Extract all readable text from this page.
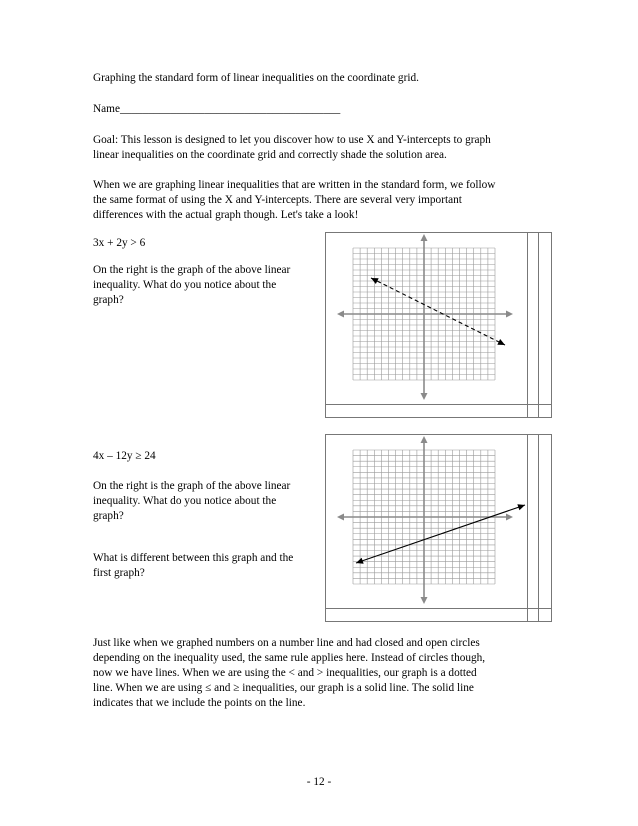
Graphing the standard form of linear inequalities on the coordinate grid.

Name_______________________________________

Goal: This lesson is designed to let you discover how to use X and Y-intercepts to graph
linear inequalities on the coordinate grid and correctly shade the solution area.

When we are graphing linear inequalities that are written in the standard form, we follow
the same format of using the X and Y-intercepts. There are several very important
differences with the actual graph though. Let's take a look!

3x + 2y > 6

On the right is the graph of the above linear
inequality. What do you notice about the
graph?

4x – 12y ≥ 24

On the right is the graph of the above linear
inequality. What do you notice about the
graph?

What is different between this graph and the
first graph?

Just like when we graphed numbers on a number line and had closed and open circles
depending on the inequality used, the same rule applies here. Instead of circles though,
now we have lines. When we are using the < and > inequalities, our graph is a dotted
line. When we are using ≤ and ≥ inequalities, our graph is a solid line. The solid line
indicates that we include the points on the line.

- 12 -
